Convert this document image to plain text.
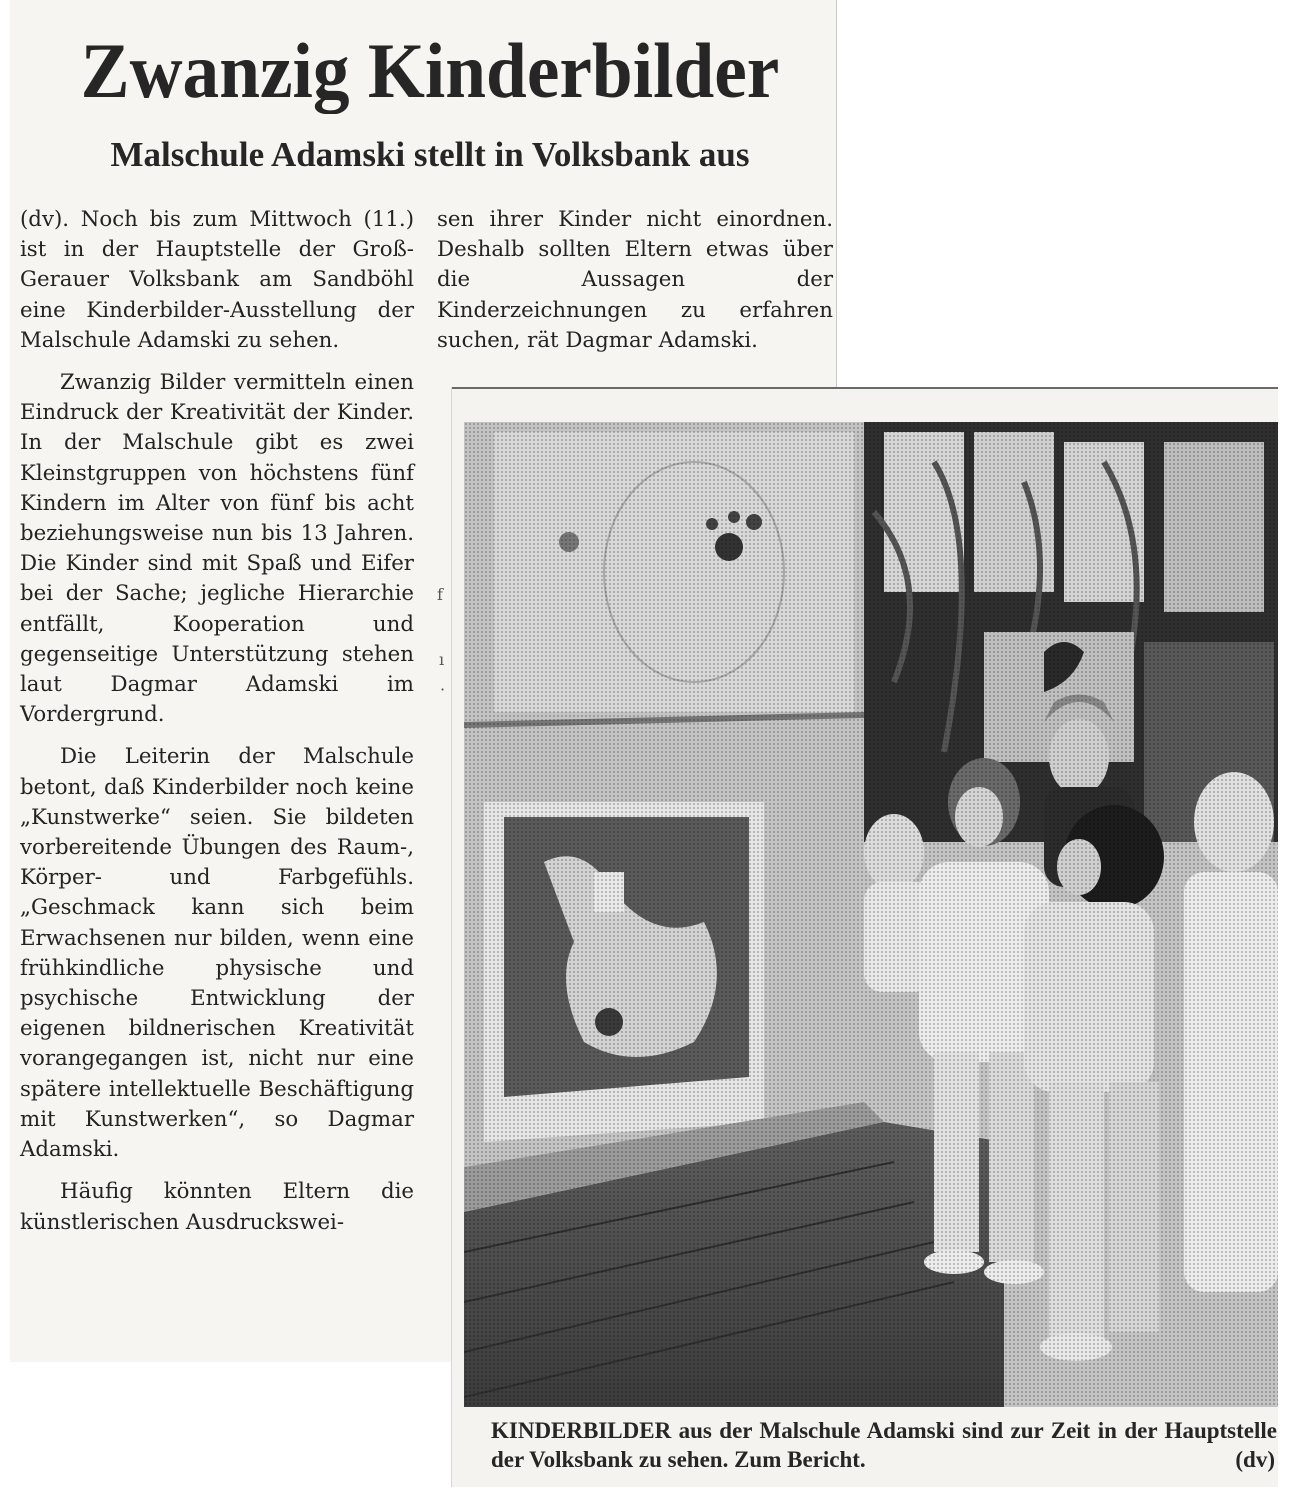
Zwanzig Kinderbilder
Malschule Adamski stellt in Volksbank aus

(dv). Noch bis zum Mittwoch (11.) ist in der Hauptstelle der Groß-Gerauer Volksbank am Sandböhl eine Kinderbilder-Ausstellung der Malschule Adamski zu sehen.

Zwanzig Bilder vermitteln einen Eindruck der Kreativität der Kinder. In der Malschule gibt es zwei Kleinstgruppen von höchstens fünf Kindern im Alter von fünf bis acht beziehungsweise nun bis 13 Jahren. Die Kinder sind mit Spaß und Eifer bei der Sache; jegliche Hierarchie entfällt, Kooperation und gegenseitige Unterstützung stehen laut Dagmar Adamski im Vordergrund.

Die Leiterin der Malschule betont, daß Kinderbilder noch keine „Kunstwerke“ seien. Sie bildeten vorbereitende Übungen des Raum-, Körper- und Farbgefühls. „Geschmack kann sich beim Erwachsenen nur bilden, wenn eine frühkindliche physische und psychische Entwicklung der eigenen bildnerischen Kreativität vorangegangen ist, nicht nur eine spätere intellektuelle Beschäftigung mit Kunstwerken“, so Dagmar Adamski.

Häufig könnten Eltern die künstlerischen Ausdruckswei-

sen ihrer Kinder nicht einordnen. Deshalb sollten Eltern etwas über die Aussagen der Kinderzeichnungen zu erfahren suchen, rät Dagmar Adamski.

f
ı
·
KINDERBILDER aus der Malschule Adamski sind zur Zeit in der Hauptstelle der Volksbank zu sehen. Zum Bericht.	(dv)
